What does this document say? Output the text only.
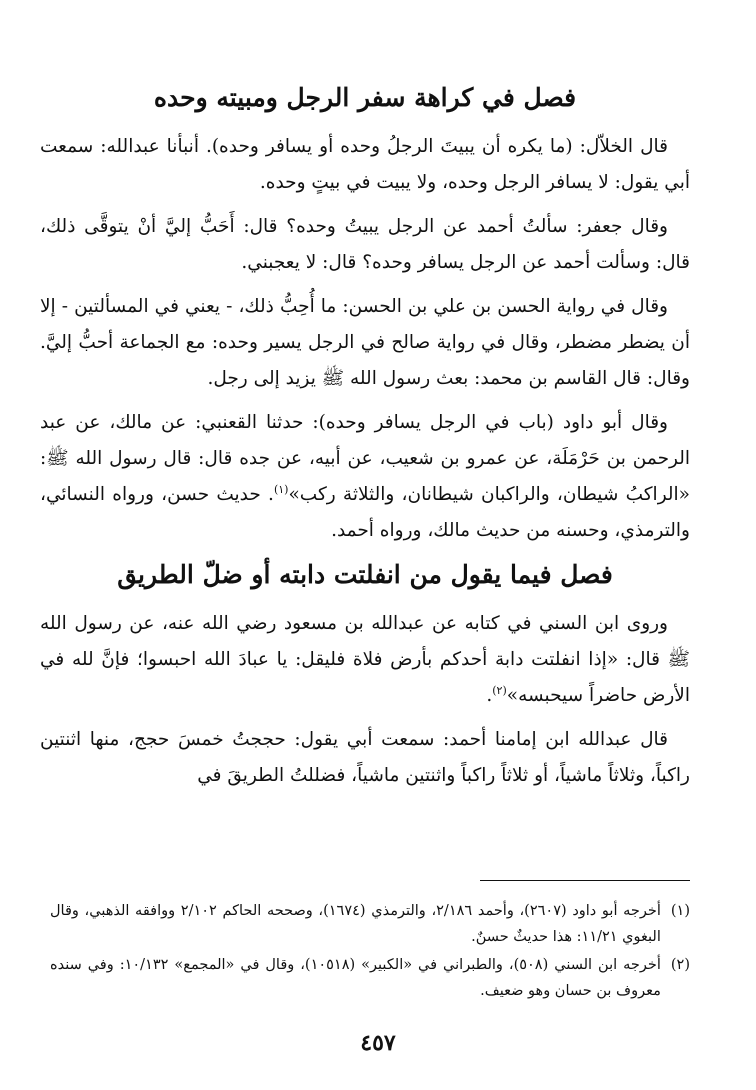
فصل في كراهة سفر الرجل ومبيته وحده

قال الخلاّل: (ما يكره أن يبيتَ الرجلُ وحده أو يسافر وحده). أنبأنا عبدالله: سمعت أبي يقول: لا يسافر الرجل وحده، ولا يبيت في بيتٍ وحده.

وقال جعفر: سألتُ أحمد عن الرجل يبيتُ وحده؟ قال: أَحَبُّ إليَّ أنْ يتوقَّى ذلك، قال: وسألت أحمد عن الرجل يسافر وحده؟ قال: لا يعجبني.

وقال في رواية الحسن بن علي بن الحسن: ما أُحِبُّ ذلك، - يعني في المسألتين - إلا أن يضطر مضطر، وقال في رواية صالح في الرجل يسير وحده: مع الجماعة أحبُّ إليَّ. وقال: قال القاسم بن محمد: بعث رسول الله ﷺ يزيد إلى رجل.

وقال أبو داود (باب في الرجل يسافر وحده): حدثنا القعنبي: عن مالك، عن عبد الرحمن بن حَرْمَلَة، عن عمرو بن شعيب، عن أبيه، عن جده قال: قال رسول الله ﷺ: «الراكبُ شيطان، والراكبان شيطانان، والثلاثة ركب»$^{(١)}$. حديث حسن، ورواه النسائي، والترمذي، وحسنه من حديث مالك، ورواه أحمد.

فصل فيما يقول من انفلتت دابته أو ضلّ الطريق

وروى ابن السني في كتابه عن عبدالله بن مسعود رضي الله عنه، عن رسول الله ﷺ قال: «إذا انفلتت دابة أحدكم بأرض فلاة فليقل: يا عبادَ الله احبسوا؛ فإنَّ لله في الأرض حاضراً سيحبسه»$^{(٢)}$.

قال عبدالله ابن إمامنا أحمد: سمعت أبي يقول: حججتُ خمسَ حجج، منها اثنتين راكباً، وثلاثاً ماشياً، أو ثلاثاً راكباً واثنتين ماشياً، فضللتُ الطريقَ في

(١)
أخرجه أبو داود (٢٦٠٧)، وأحمد ٢/١٨٦، والترمذي (١٦٧٤)، وصححه الحاكم ٢/١٠٢ ووافقه الذهبي، وقال البغوي ١١/٢١: هذا حديثٌ حسنٌ.
(٢)
أخرجه ابن السني (٥٠٨)، والطبراني في «الكبير» (١٠٥١٨)، وقال في «المجمع» ١٠/١٣٢: وفي سنده معروف بن حسان وهو ضعيف.
٤٥٧
